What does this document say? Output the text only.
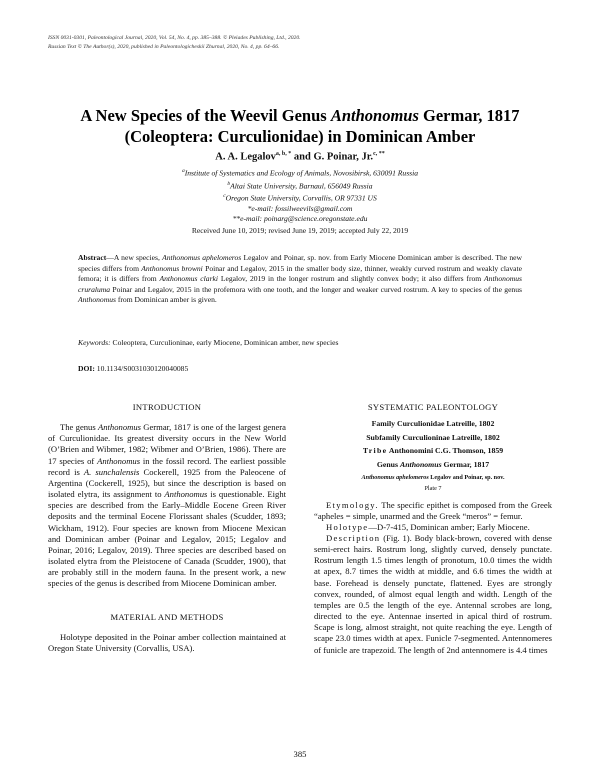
ISSN 0031-0301, Paleontological Journal, 2020, Vol. 54, No. 4, pp. 385–388. © Pleiades Publishing, Ltd., 2020.
Russian Text © The Author(s), 2020, published in Paleontologicheskii Zhurnal, 2020, No. 4, pp. 64–66.
A New Species of the Weevil Genus Anthonomus Germar, 1817
(Coleoptera: Curculionidae) in Dominican Amber
A. A. Legalov$^{a, b, *}$ and G. Poinar, Jr.$^{c, **}$
$^a$Institute of Systematics and Ecology of Animals, Novosibirsk, 630091 Russia
$^b$Altai State University, Barnaul, 656049 Russia
$^c$Oregon State University, Corvallis, OR 97331 US
*e-mail: fossilweevils@gmail.com
**e-mail: poinarg@science.oregonstate.edu
Received June 10, 2019; revised June 19, 2019; accepted July 22, 2019
Abstract—A new species, Anthonomus aphelomeros Legalov and Poinar, sp. nov. from Early Miocene Dominican amber is described. The new species differs from Anthonomus browni Poinar and Legalov, 2015 in the smaller body size, thinner, weakly curved rostrum and weakly clavate femora; it is differs from Anthonomus clarki Legalov, 2019 in the longer rostrum and slightly convex body; it also differs from Anthonomus cruraluma Poinar and Legalov, 2015 in the profemora with one tooth, and the longer and weaker curved rostrum. A key to species of the genus Anthonomus from Dominican amber is given.
Keywords: Coleoptera, Curculioninae, early Miocene, Dominican amber, new species
DOI: 10.1134/S0031030120040085
INTRODUCTION

The genus Anthonomus Germar, 1817 is one of the largest genera of Curculionidae. Its greatest diversity occurs in the New World (O’Brien and Wibmer, 1982; Wibmer and O’Brien, 1986). There are 17 species of Anthonomus in the fossil record. The earliest possible record is A. sunchalensis Cockerell, 1925 from the Paleocene of Argentina (Cockerell, 1925), but since the description is based on isolated elytra, its assignment to Anthonomus is questionable. Eight species are described from the Early–Middle Eocene Green River deposits and the terminal Eocene Florissant shales (Scudder, 1893; Wickham, 1912). Four species are known from Miocene Mexican and Dominican amber (Poinar and Legalov, 2015; Legalov and Poinar, 2016; Legalov, 2019). Three species are described based on isolated elytra from the Pleistocene of Canada (Scudder, 1900), that are probably still in the modern fauna. In the present work, a new species of the genus is described from Miocene Dominican amber.

MATERIAL AND METHODS

Holotype deposited in the Poinar amber collection maintained at Oregon State University (Corvallis, USA).

SYSTEMATIC PALEONTOLOGY

Family Curculionidae Latreille, 1802

Subfamily Curculioninae Latreille, 1802

Tribe Anthonomini C.G. Thomson, 1859

Genus Anthonomus Germar, 1817

Anthonomus aphelomeros Legalov and Poinar, sp. nov.

Plate 7

Etymology. The specific epithet is composed from the Greek “apheles = simple, unarmed and the Greek “meros” = femur.

Holotype—D-7-415, Dominican amber; Early Miocene.

Description (Fig. 1). Body black-brown, covered with dense semi-erect hairs. Rostrum long, slightly curved, densely punctate. Rostrum length 1.5 times length of pronotum, 10.0 times the width at apex, 8.7 times the width at middle, and 6.6 times the width at base. Forehead is densely punctate, flattened. Eyes are strongly convex, rounded, of almost equal length and width. Length of the temples are 0.5 the length of the eye. Antennal scrobes are long, directed to the eye. Antennae inserted in apical third of rostrum. Scape is long, almost straight, not quite reaching the eye. Length of scape 23.0 times width at apex. Funicle 7-segmented. Antennomeres of funicle are trapezoid. The length of 2nd antennomere is 4.4 times

385
